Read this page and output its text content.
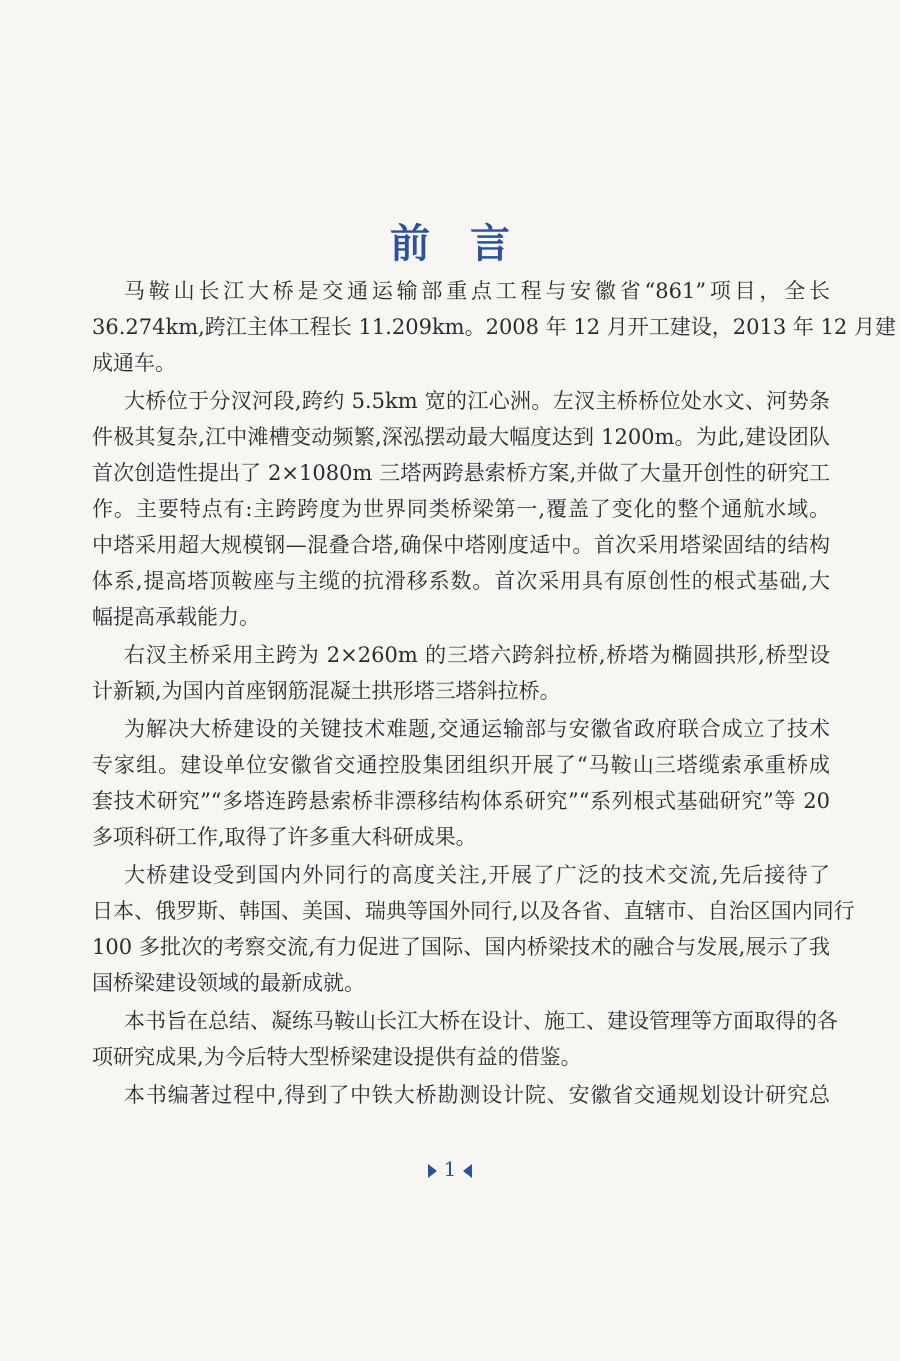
前言
马鞍山长江大桥是交通运输部重点工程与安徽省“861”项目，全长
36.274km,跨江主体工程长 11.209km。2008 年 12 月开工建设，2013 年 12 月建
成通车。
大桥位于分汊河段,跨约 5.5km 宽的江心洲。左汊主桥桥位处水文、河势条
件极其复杂,江中滩槽变动频繁,深泓摆动最大幅度达到 1200m。为此,建设团队
首次创造性提出了 2×1080m 三塔两跨悬索桥方案,并做了大量开创性的研究工
作。主要特点有:主跨跨度为世界同类桥梁第一,覆盖了变化的整个通航水域。
中塔采用超大规模钢—混叠合塔,确保中塔刚度适中。首次采用塔梁固结的结构
体系,提高塔顶鞍座与主缆的抗滑移系数。首次采用具有原创性的根式基础,大
幅提高承载能力。
右汊主桥采用主跨为 2×260m 的三塔六跨斜拉桥,桥塔为椭圆拱形,桥型设
计新颖,为国内首座钢筋混凝土拱形塔三塔斜拉桥。
为解决大桥建设的关键技术难题,交通运输部与安徽省政府联合成立了技术
专家组。建设单位安徽省交通控股集团组织开展了“马鞍山三塔缆索承重桥成
套技术研究”“多塔连跨悬索桥非漂移结构体系研究”“系列根式基础研究”等 20
多项科研工作,取得了许多重大科研成果。
大桥建设受到国内外同行的高度关注,开展了广泛的技术交流,先后接待了
日本、俄罗斯、韩国、美国、瑞典等国外同行,以及各省、直辖市、自治区国内同行
100 多批次的考察交流,有力促进了国际、国内桥梁技术的融合与发展,展示了我
国桥梁建设领域的最新成就。
本书旨在总结、凝练马鞍山长江大桥在设计、施工、建设管理等方面取得的各
项研究成果,为今后特大型桥梁建设提供有益的借鉴。
本书编著过程中,得到了中铁大桥勘测设计院、安徽省交通规划设计研究总
1
